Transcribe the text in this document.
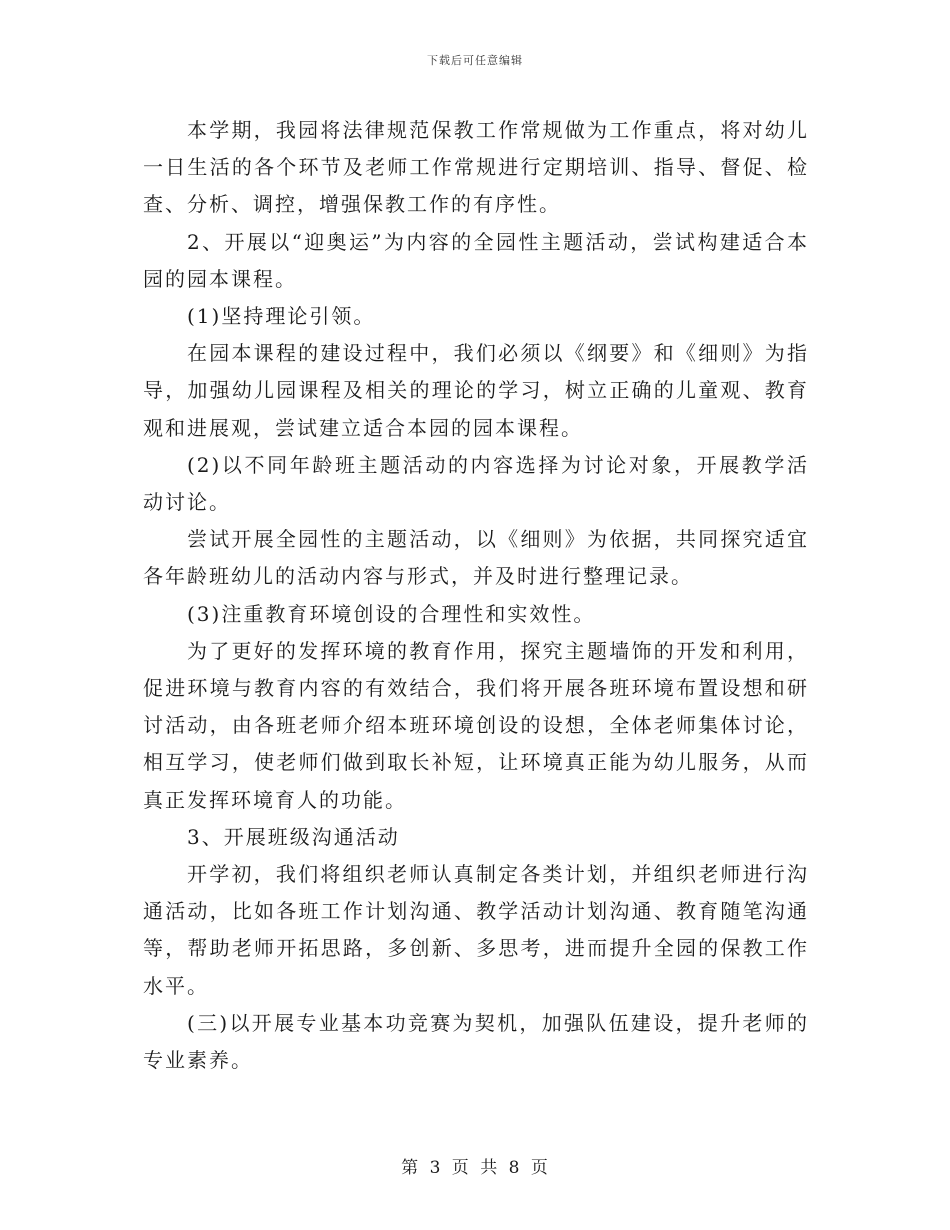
下载后可任意编辑

本学期，我园将法律规范保教工作常规做为工作重点，将对幼儿一日生活的各个环节及老师工作常规进行定期培训、指导、督促、检查、分析、调控，增强保教工作的有序性。

2、开展以“迎奥运”为内容的全园性主题活动，尝试构建适合本园的园本课程。

(1)坚持理论引领。

在园本课程的建设过程中，我们必须以《纲要》和《细则》为指导，加强幼儿园课程及相关的理论的学习，树立正确的儿童观、教育观和进展观，尝试建立适合本园的园本课程。

(2)以不同年龄班主题活动的内容选择为讨论对象，开展教学活动讨论。

尝试开展全园性的主题活动，以《细则》为依据，共同探究适宜各年龄班幼儿的活动内容与形式，并及时进行整理记录。

(3)注重教育环境创设的合理性和实效性。

为了更好的发挥环境的教育作用，探究主题墙饰的开发和利用，促进环境与教育内容的有效结合，我们将开展各班环境布置设想和研讨活动，由各班老师介绍本班环境创设的设想，全体老师集体讨论，相互学习，使老师们做到取长补短，让环境真正能为幼儿服务，从而真正发挥环境育人的功能。

3、开展班级沟通活动

开学初，我们将组织老师认真制定各类计划，并组织老师进行沟通活动，比如各班工作计划沟通、教学活动计划沟通、教育随笔沟通等，帮助老师开拓思路，多创新、多思考，进而提升全园的保教工作水平。

(三)以开展专业基本功竞赛为契机，加强队伍建设，提升老师的专业素养。

第 3 页 共 8 页
